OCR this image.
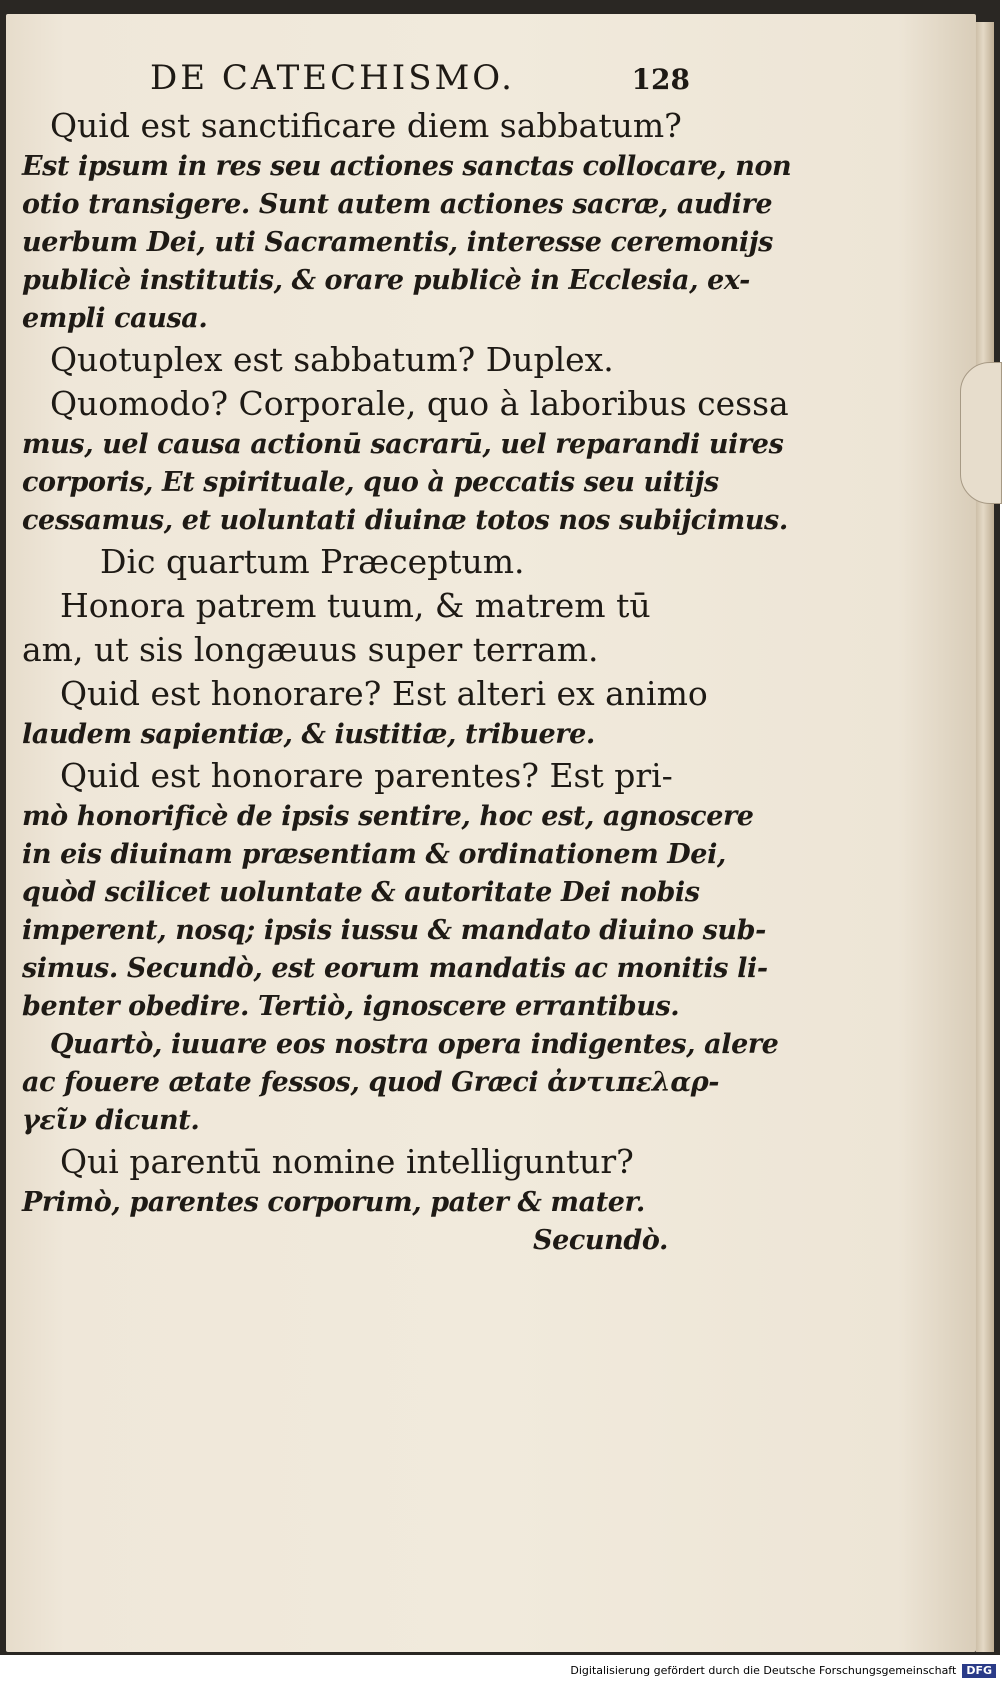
DE CATECHISMO.	128
Quid est sanctificare diem sabbatum?
Est ipsum in res seu actiones sanctas collocare, non
otio transigere. Sunt autem actiones sacræ, audire
uerbum Dei, uti Sacramentis, interesse ceremonijs
publicè institutis, & orare publicè in Ecclesia, ex-
empli causa.
Quotuplex est sabbatum? Duplex.
Quomodo? Corporale, quo à laboribus cessa
mus, uel causa actionū sacrarū, uel reparandi uires
corporis, Et spirituale, quo à peccatis seu uitijs
cessamus, et uoluntati diuinæ totos nos subijcimus.
Dic quartum Præceptum.
Honora patrem tuum, & matrem tū
am, ut sis longæuus super terram.
Quid est honorare? Est alteri ex animo
laudem sapientiæ, & iustitiæ, tribuere.
Quid est honorare parentes? Est pri-
mò honorificè de ipsis sentire, hoc est, agnoscere
in eis diuinam præsentiam & ordinationem Dei,
quòd scilicet uoluntate & autoritate Dei nobis
imperent, nosq; ipsis iussu & mandato diuino sub-
simus. Secundò, est eorum mandatis ac monitis li-
benter obedire. Tertiò, ignoscere errantibus.
Quartò, iuuare eos nostra opera indigentes, alere
ac fouere ætate fessos, quod Græci ἀντιπελαρ-
γεῖν dicunt.
Qui parentū nomine intelliguntur?
Primò, parentes corporum, pater & mater.
Secundò.
Digitalisierung gefördert durch die Deutsche Forschungsgemeinschaft DFG
